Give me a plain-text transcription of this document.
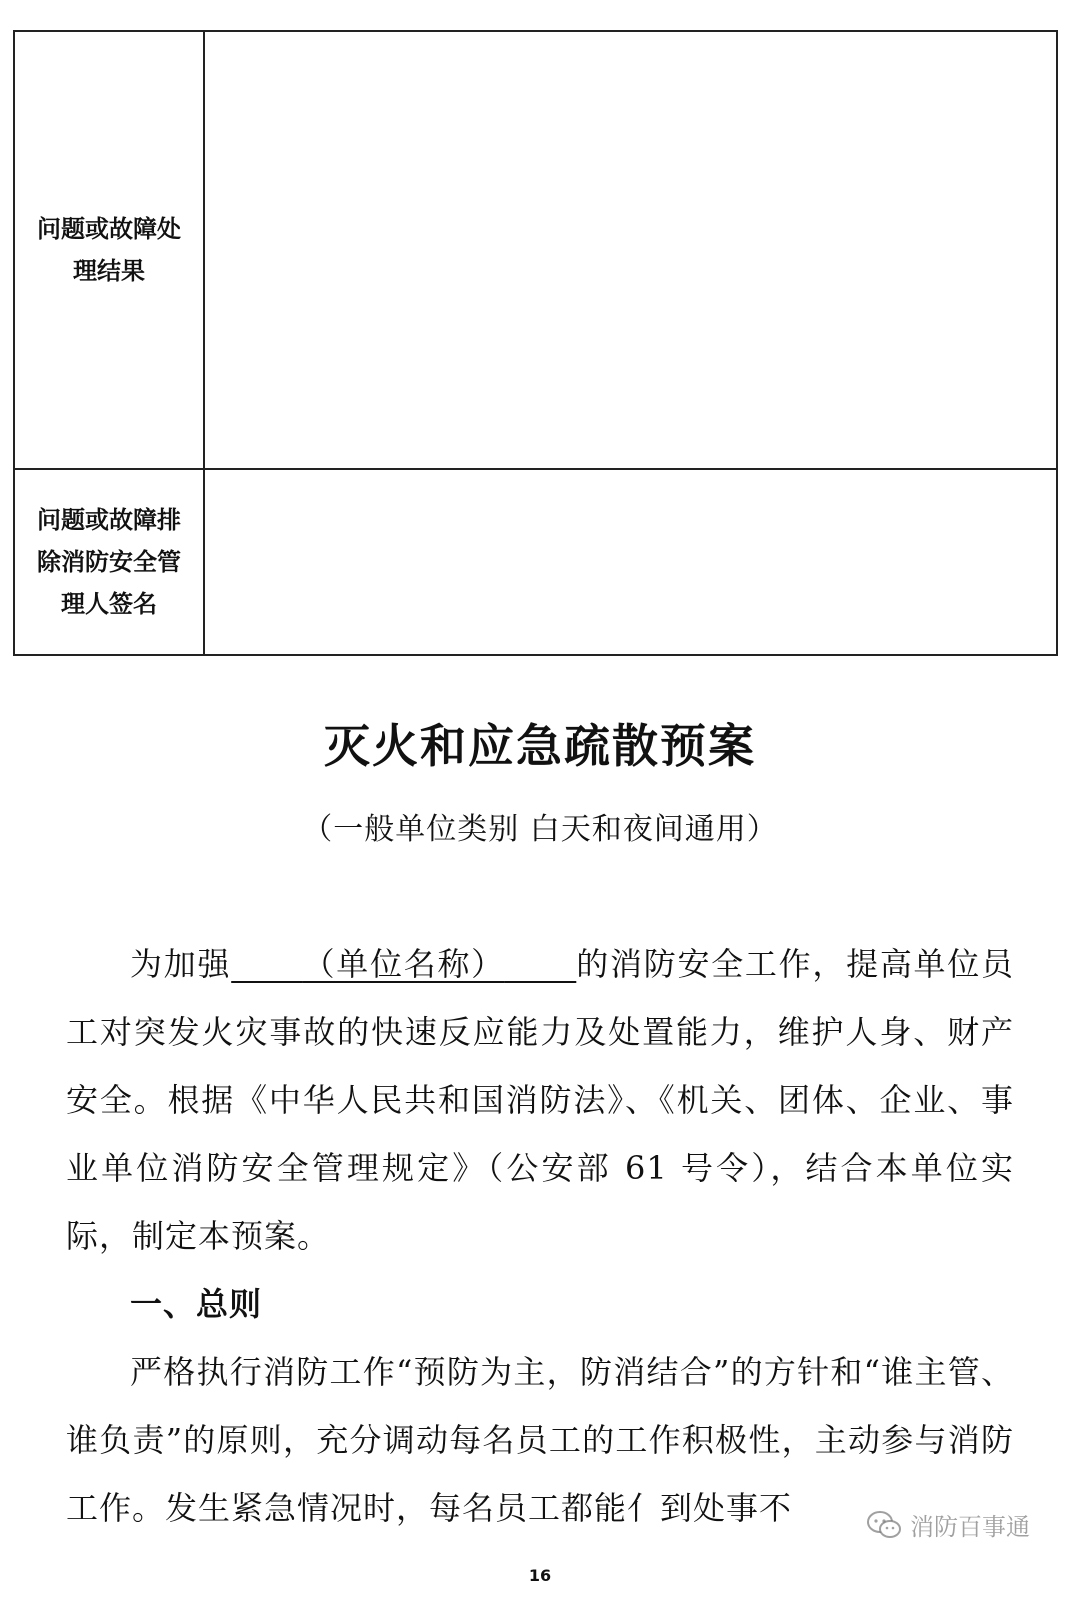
问题或故障处理结果	
问题或故障排除消防安全管理人签名	
灭火和应急疏散预案
（一般单位类别 白天和夜间通用）

为加强 （单位名称） 的消防安全工作，提高单位员工对突发火灾事故的快速反应能力及处置能力，维护人身、财产安全。根据《中华人民共和国消防法》、《机关、团体、企业、事业单位消防安全管理规定》（公安部 61 号令），结合本单位实际，制定本预案。

一、总则

严格执行消防工作“预防为主，防消结合”的方针和“谁主管、谁负责”的原则，充分调动每名员工的工作积极性，主动参与消防工作。发生紧急情况时，每名员工都能亻到处事不	消防百事通
16
